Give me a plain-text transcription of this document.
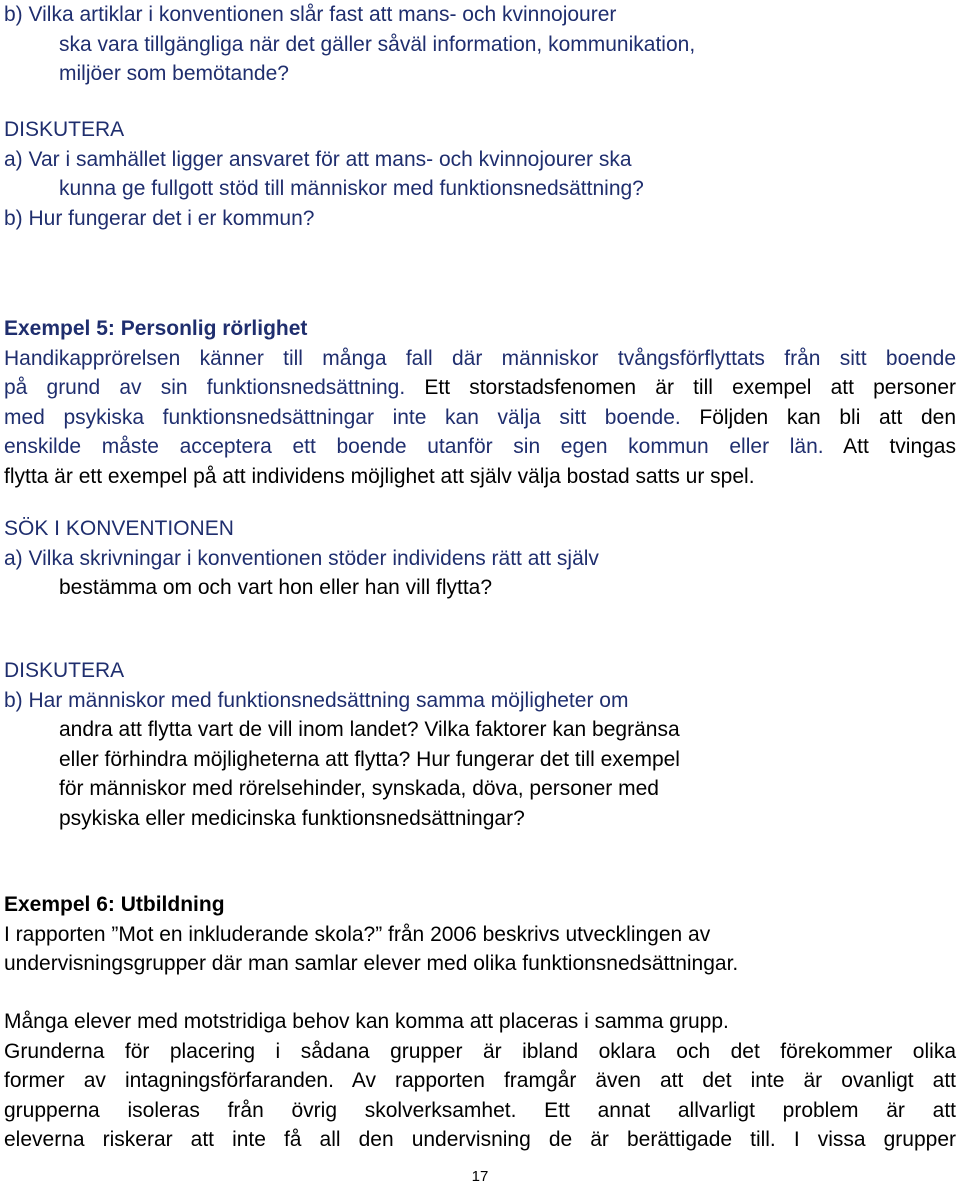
b) Vilka artiklar i konventionen slår fast att mans- och kvinnojourer
ska vara tillgängliga när det gäller såväl information, kommunikation,
miljöer som bemötande?
DISKUTERA
a) Var i samhället ligger ansvaret för att mans- och kvinnojourer ska
kunna ge fullgott stöd till människor med funktionsnedsättning?
b) Hur fungerar det i er kommun?
Exempel 5: Personlig rörlighet
Handikapprörelsen känner till många fall där människor tvångsförflyttats från sitt boende
på grund av sin funktionsnedsättning. Ett storstadsfenomen är till exempel att personer
med psykiska funktionsnedsättningar inte kan välja sitt boende. Följden kan bli att den
enskilde måste acceptera ett boende utanför sin egen kommun eller län. Att tvingas
flytta är ett exempel på att individens möjlighet att själv välja bostad satts ur spel.
SÖK I KONVENTIONEN
a) Vilka skrivningar i konventionen stöder individens rätt att själv
bestämma om och vart hon eller han vill flytta?
DISKUTERA
b) Har människor med funktionsnedsättning samma möjligheter om
andra att flytta vart de vill inom landet? Vilka faktorer kan begränsa
eller förhindra möjligheterna att flytta? Hur fungerar det till exempel
för människor med rörelsehinder, synskada, döva, personer med
psykiska eller medicinska funktionsnedsättningar?
Exempel 6: Utbildning
I rapporten ”Mot en inkluderande skola?” från 2006 beskrivs utvecklingen av
undervisningsgrupper där man samlar elever med olika funktionsnedsättningar.
Många elever med motstridiga behov kan komma att placeras i samma grupp.
Grunderna för placering i sådana grupper är ibland oklara och det förekommer olika
former av intagningsförfaranden. Av rapporten framgår även att det inte är ovanligt att
grupperna isoleras från övrig skolverksamhet. Ett annat allvarligt problem är att
eleverna riskerar att inte få all den undervisning de är berättigade till. I vissa grupper
17
